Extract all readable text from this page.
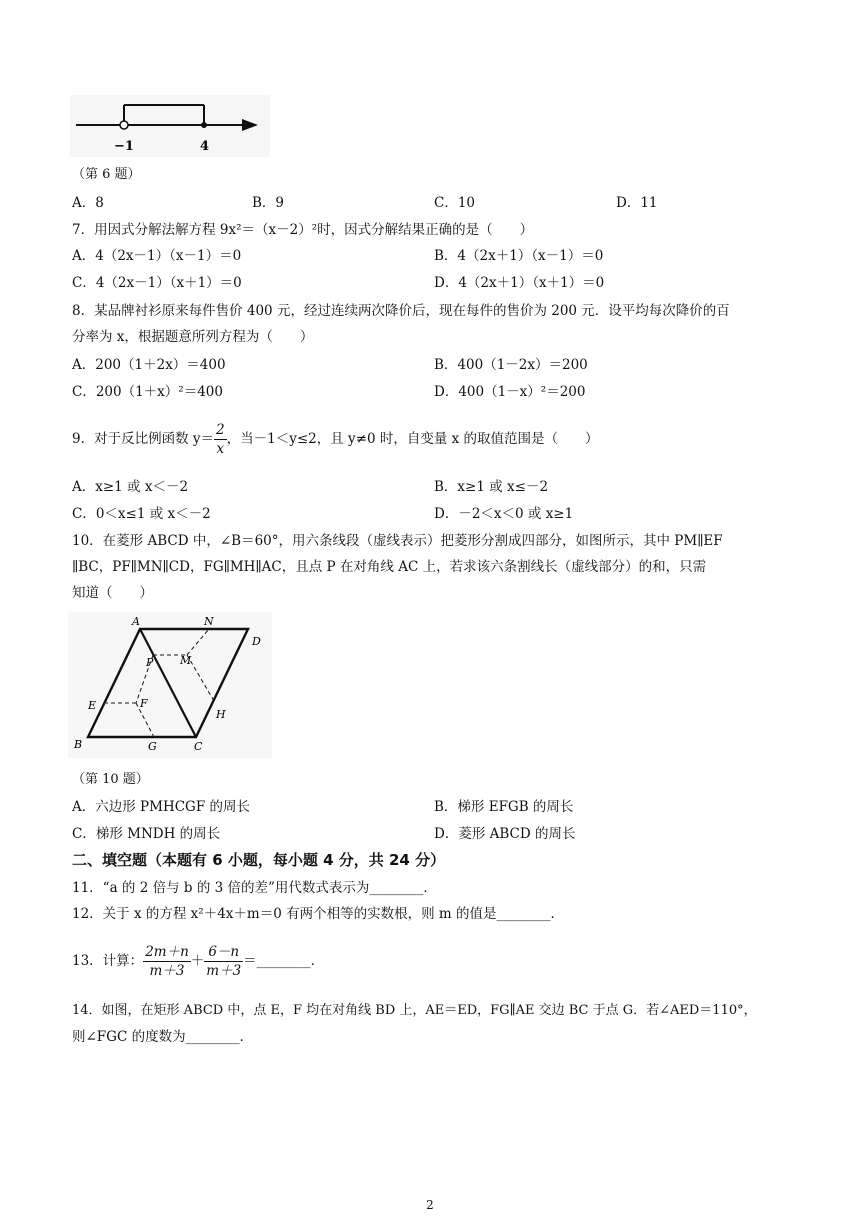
−1	4
（第 6 题）
A．8	B．9	C．10	D．11
7．用因式分解法解方程 9x²＝（x－2）²时，因式分解结果正确的是（　　）
A．4（2x－1）（x－1）＝0	B．4（2x＋1）（x－1）＝0
C．4（2x－1）（x＋1）＝0	D．4（2x＋1）（x＋1）＝0
8．某品牌衬衫原来每件售价 400 元，经过连续两次降价后，现在每件的售价为 200 元．设平均每次降价的百
分率为 x，根据题意所列方程为（　　）
A．200（1＋2x）＝400	B．400（1－2x）＝200
C．200（1＋x）²＝400	D．400（1－x）²＝200
9．对于反比例函数 $y= \frac{2}{x}$ ，当－1＜y≤2，且 y≠0 时，自变量 x 的取值范围是（　　）
A．x≥1 或 x＜－2	B．x≥1 或 x≤－2
C．0＜x≤1 或 x＜－2	D．－2＜x＜0 或 x≥1
10．在菱形 ABCD 中，∠B＝60°，用六条线段（虚线表示）把菱形分割成四部分，如图所示，其中 PM∥EF
∥BC，PF∥MN∥CD，FG∥MH∥AC，且点 P 在对角线 AC 上，若求该六条割线长（虚线部分）的和，只需
知道（　　）
A	N
D
P M
E	F
H
B	G	C
（第 10 题）
A．六边形 PMHCGF 的周长	B．梯形 EFGB 的周长
C．梯形 MNDH 的周长	D．菱形 ABCD 的周长
二、填空题（本题有 6 小题，每小题 4 分，共 24 分）
11．“a 的 2 倍与 b 的 3 倍的差”用代数式表示为________．
12．关于 x 的方程 x²＋4x＋m＝0 有两个相等的实数根，则 m 的值是________．
13．计算： $\frac{2m+n}{m+3} + \frac{6-n}{m+3}$ ＝________．
14．如图，在矩形 ABCD 中，点 E，F 均在对角线 BD 上，AE＝ED，FG∥AE 交边 BC 于点 G．若∠AED＝110°，
则∠FGC 的度数为________．
2
